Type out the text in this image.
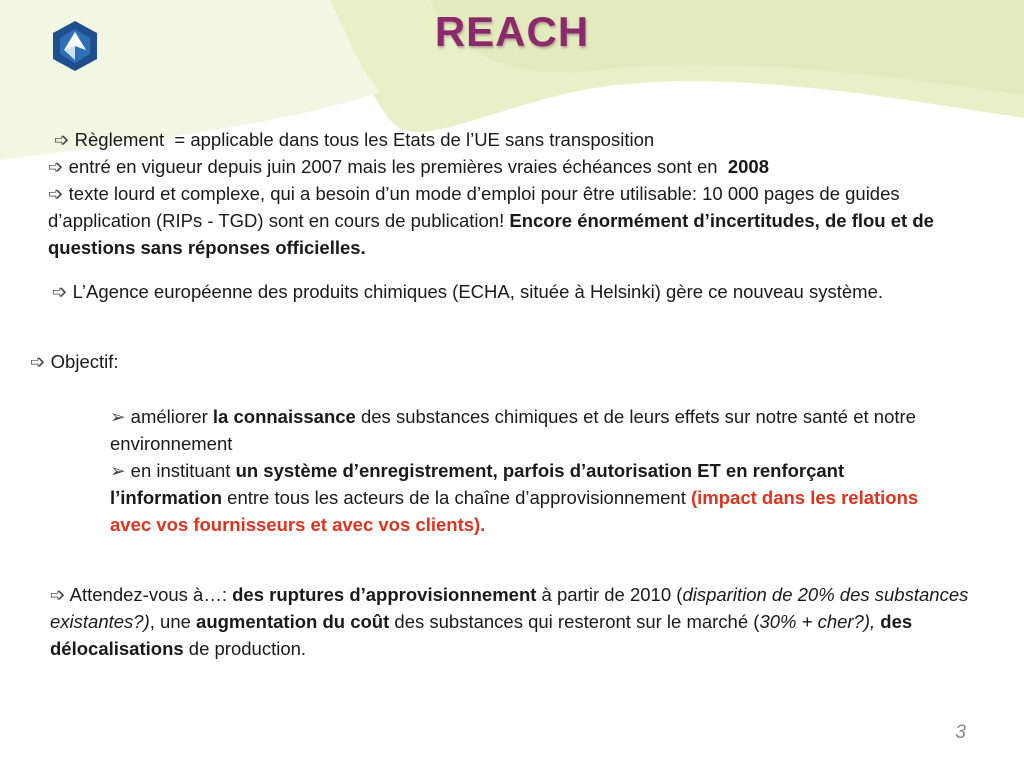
REACH
➩ Règlement = applicable dans tous les Etats de l’UE sans transposition
➩ entré en vigueur depuis juin 2007 mais les premières vraies échéances sont en 2008
➩ texte lourd et complexe, qui a besoin d’un mode d’emploi pour être utilisable: 10 000 pages de guides d’application (RIPs - TGD) sont en cours de publication! Encore énormément d’incertitudes, de flou et de questions sans réponses officielles.
➩ L’Agence européenne des produits chimiques (ECHA, située à Helsinki) gère ce nouveau système.
➩ Objectif:
➢ améliorer la connaissance des substances chimiques et de leurs effets sur notre santé et notre environnement
➢ en instituant un système d’enregistrement, parfois d’autorisation ET en renforçant l’information entre tous les acteurs de la chaîne d’approvisionnement (impact dans les relations avec vos fournisseurs et avec vos clients).
➩ Attendez-vous à…: des ruptures d’approvisionnement à partir de 2010 (disparition de 20% des substances existantes?), une augmentation du coût des substances qui resteront sur le marché (30% + cher?), des délocalisations de production.
3
